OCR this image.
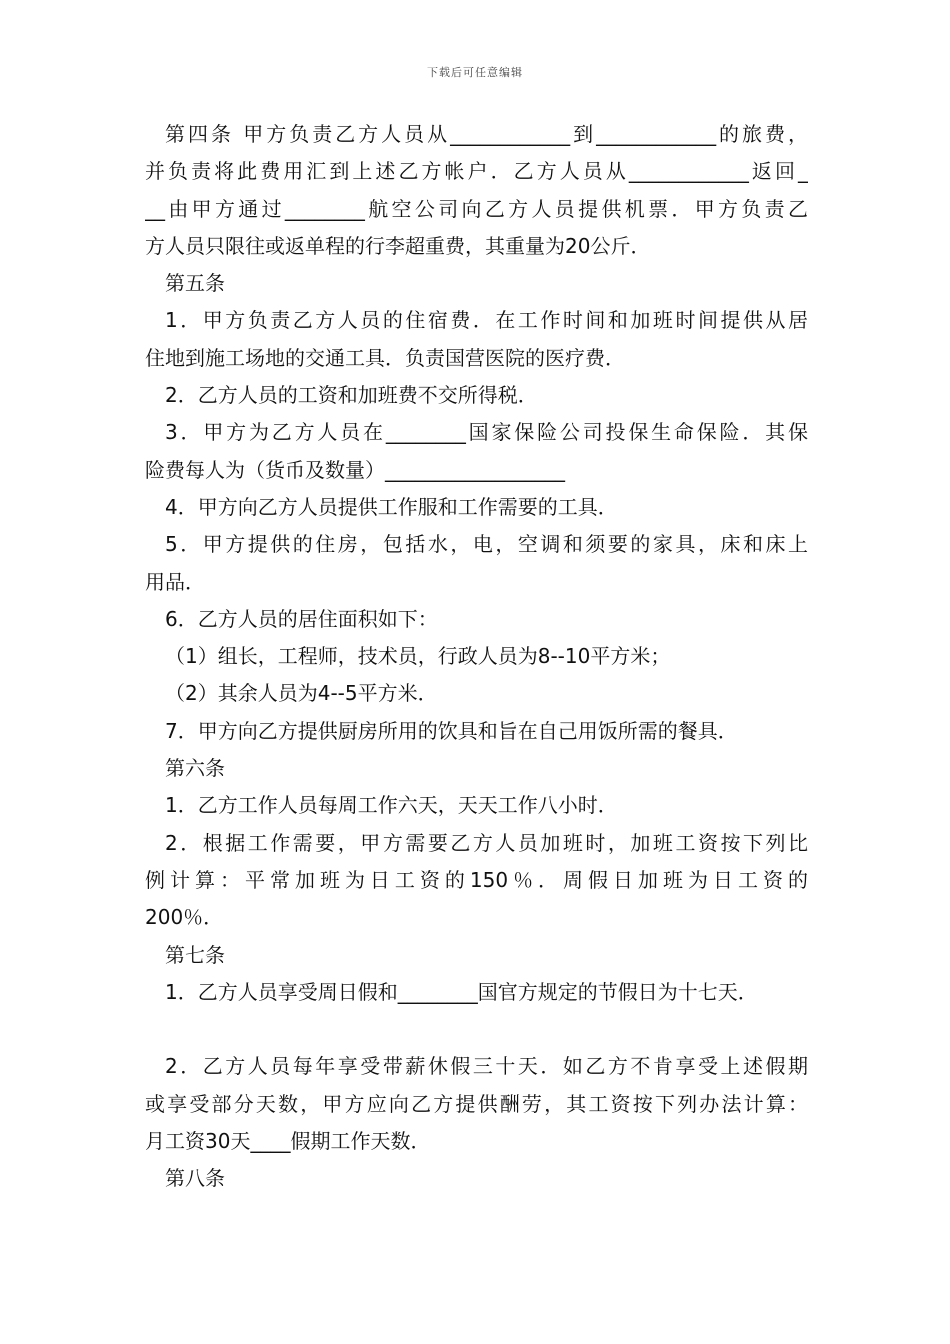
下载后可任意编辑
第四条 甲方负责乙方人员从____________到____________的旅费，
并负责将此费用汇到上述乙方帐户．乙方人员从____________返回_
__由甲方通过________航空公司向乙方人员提供机票．甲方负责乙
方人员只限往或返单程的行李超重费，其重量为20公斤．
第五条
1．甲方负责乙方人员的住宿费．在工作时间和加班时间提供从居
住地到施工场地的交通工具．负责国营医院的医疗费．
2．乙方人员的工资和加班费不交所得税．
3．甲方为乙方人员在________国家保险公司投保生命保险．其保
险费每人为（货币及数量）__________________
4．甲方向乙方人员提供工作服和工作需要的工具．
5．甲方提供的住房，包括水，电，空调和须要的家具，床和床上
用品．
6．乙方人员的居住面积如下：
（1）组长，工程师，技术员，行政人员为8--10平方米；
（2）其余人员为4--5平方米．
7．甲方向乙方提供厨房所用的饮具和旨在自己用饭所需的餐具．
第六条
1．乙方工作人员每周工作六天，天天工作八小时．
2．根据工作需要，甲方需要乙方人员加班时，加班工资按下列比
例计算：平常加班为日工资的150％．周假日加班为日工资的
200％．
第七条
1．乙方人员享受周日假和________国官方规定的节假日为十七天．
2．乙方人员每年享受带薪休假三十天．如乙方不肯享受上述假期
或享受部分天数，甲方应向乙方提供酬劳，其工资按下列办法计算：
月工资30天____假期工作天数．
第八条
